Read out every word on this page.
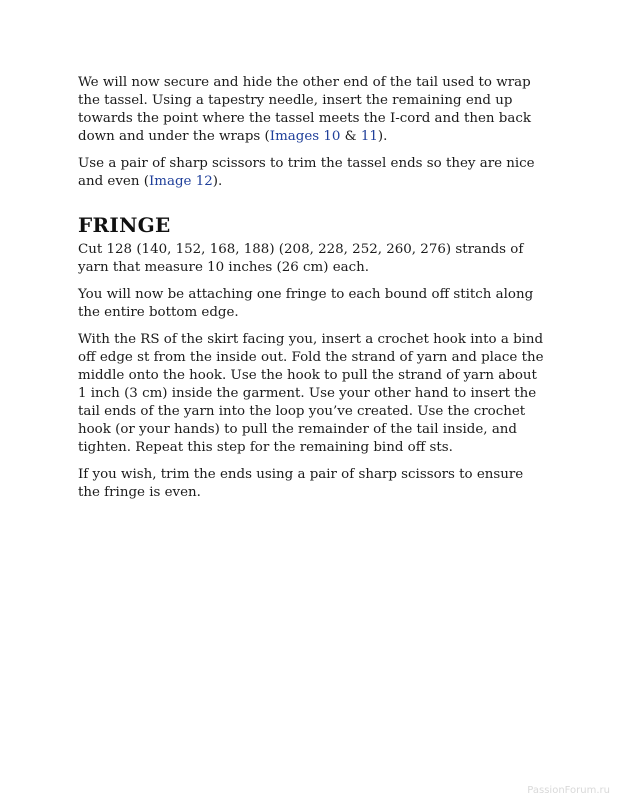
We will now secure and hide the other end of the tail used to wrap the tassel. Using a tapestry needle, insert the remaining end up towards the point where the tassel meets the I-cord and then back down and under the wraps (Images 10 & 11).

Use a pair of sharp scissors to trim the tassel ends so they are nice and even (Image 12).

FRINGE

Cut 128 (140, 152, 168, 188) (208, 228, 252, 260, 276) strands of yarn that measure 10 inches (26 cm) each.

You will now be attaching one fringe to each bound off stitch along the entire bottom edge.

With the RS of the skirt facing you, insert a crochet hook into a bind off edge st from the inside out. Fold the strand of yarn and place the middle onto the hook. Use the hook to pull the strand of yarn about 1 inch (3 cm) inside the garment. Use your other hand to insert the tail ends of the yarn into the loop you’ve created. Use the crochet hook (or your hands) to pull the remainder of the tail inside, and tighten. Repeat this step for the remaining bind off sts.

If you wish, trim the ends using a pair of sharp scissors to ensure the fringe is even.

PassionForum.ru
